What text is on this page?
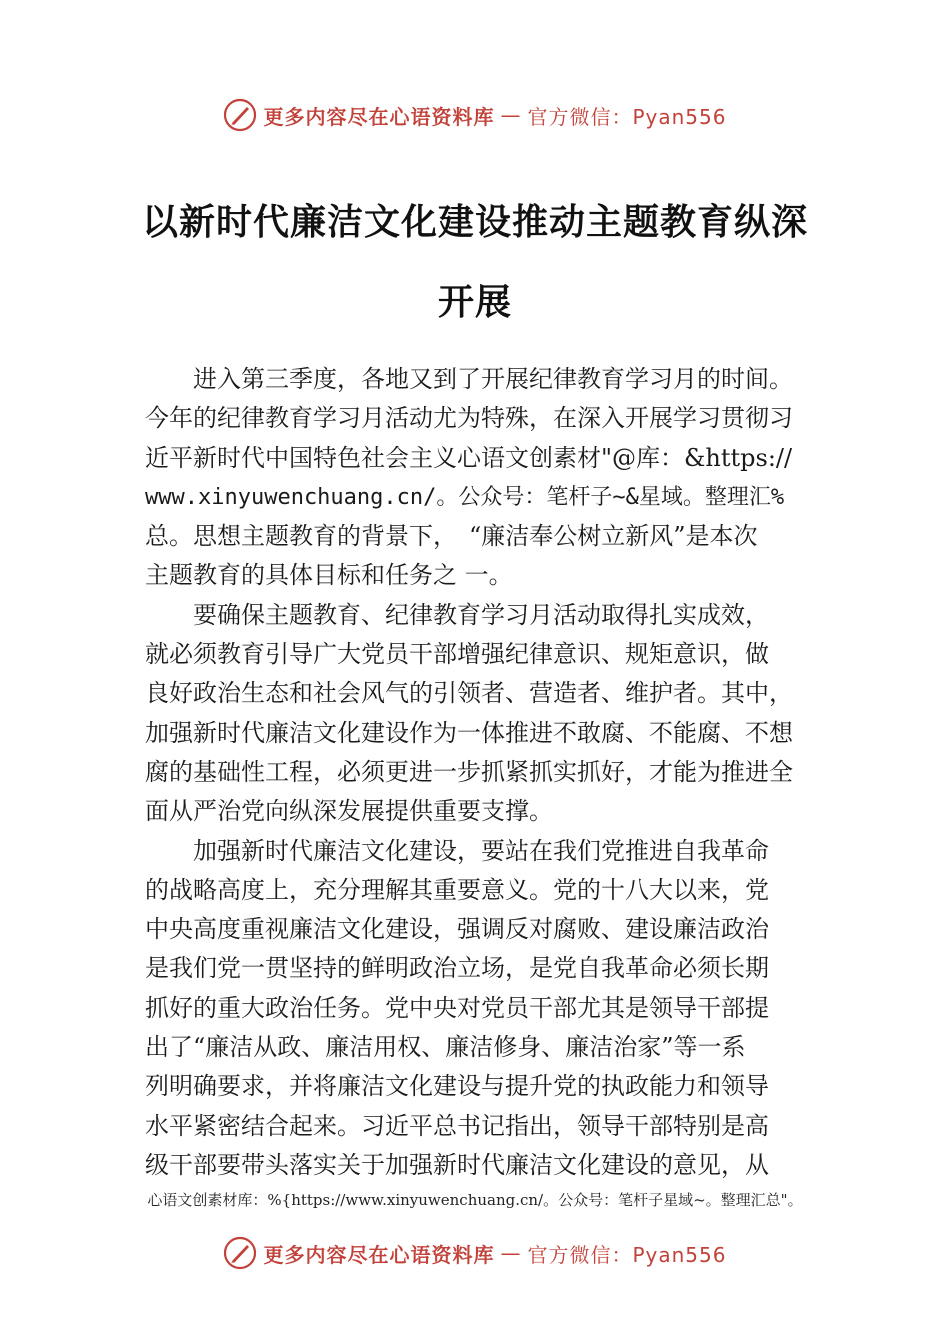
更多内容尽在心语资料库 — 官方微信：Pyan556
以新时代廉洁文化建设推动主题教育纵深
开展
　　进入第三季度，各地又到了开展纪律教育学习月的时间。
今年的纪律教育学习月活动尤为特殊，在深入开展学习贯彻习
近平新时代中国特色社会主义心语文创素材"@库：&https://
www.xinyuwenchuang.cn/。公众号：笔杆子~&星域。整理汇%
总。思想主题教育的背景下，　“廉洁奉公树立新风”是本次
主题教育的具体目标和任务之 一。
　　要确保主题教育、纪律教育学习月活动取得扎实成效，
就必须教育引导广大党员干部增强纪律意识、规矩意识，做
良好政治生态和社会风气的引领者、营造者、维护者。其中，
加强新时代廉洁文化建设作为一体推进不敢腐、不能腐、不想
腐的基础性工程，必须更进一步抓紧抓实抓好，才能为推进全
面从严治党向纵深发展提供重要支撑。
　　加强新时代廉洁文化建设，要站在我们党推进自我革命
的战略高度上，充分理解其重要意义。党的十八大以来，党
中央高度重视廉洁文化建设，强调反对腐败、建设廉洁政治
是我们党一贯坚持的鲜明政治立场，是党自我革命必须长期
抓好的重大政治任务。党中央对党员干部尤其是领导干部提
出了“廉洁从政、廉洁用权、廉洁修身、廉洁治家”等一系
列明确要求，并将廉洁文化建设与提升党的执政能力和领导
水平紧密结合起来。习近平总书记指出，领导干部特别是高
级干部要带头落实关于加强新时代廉洁文化建设的意见，从
心语文创素材库：%{https://www.xinyuwenchuang.cn/。公众号：笔杆子星域~。整理汇总"。
更多内容尽在心语资料库 — 官方微信：Pyan556
